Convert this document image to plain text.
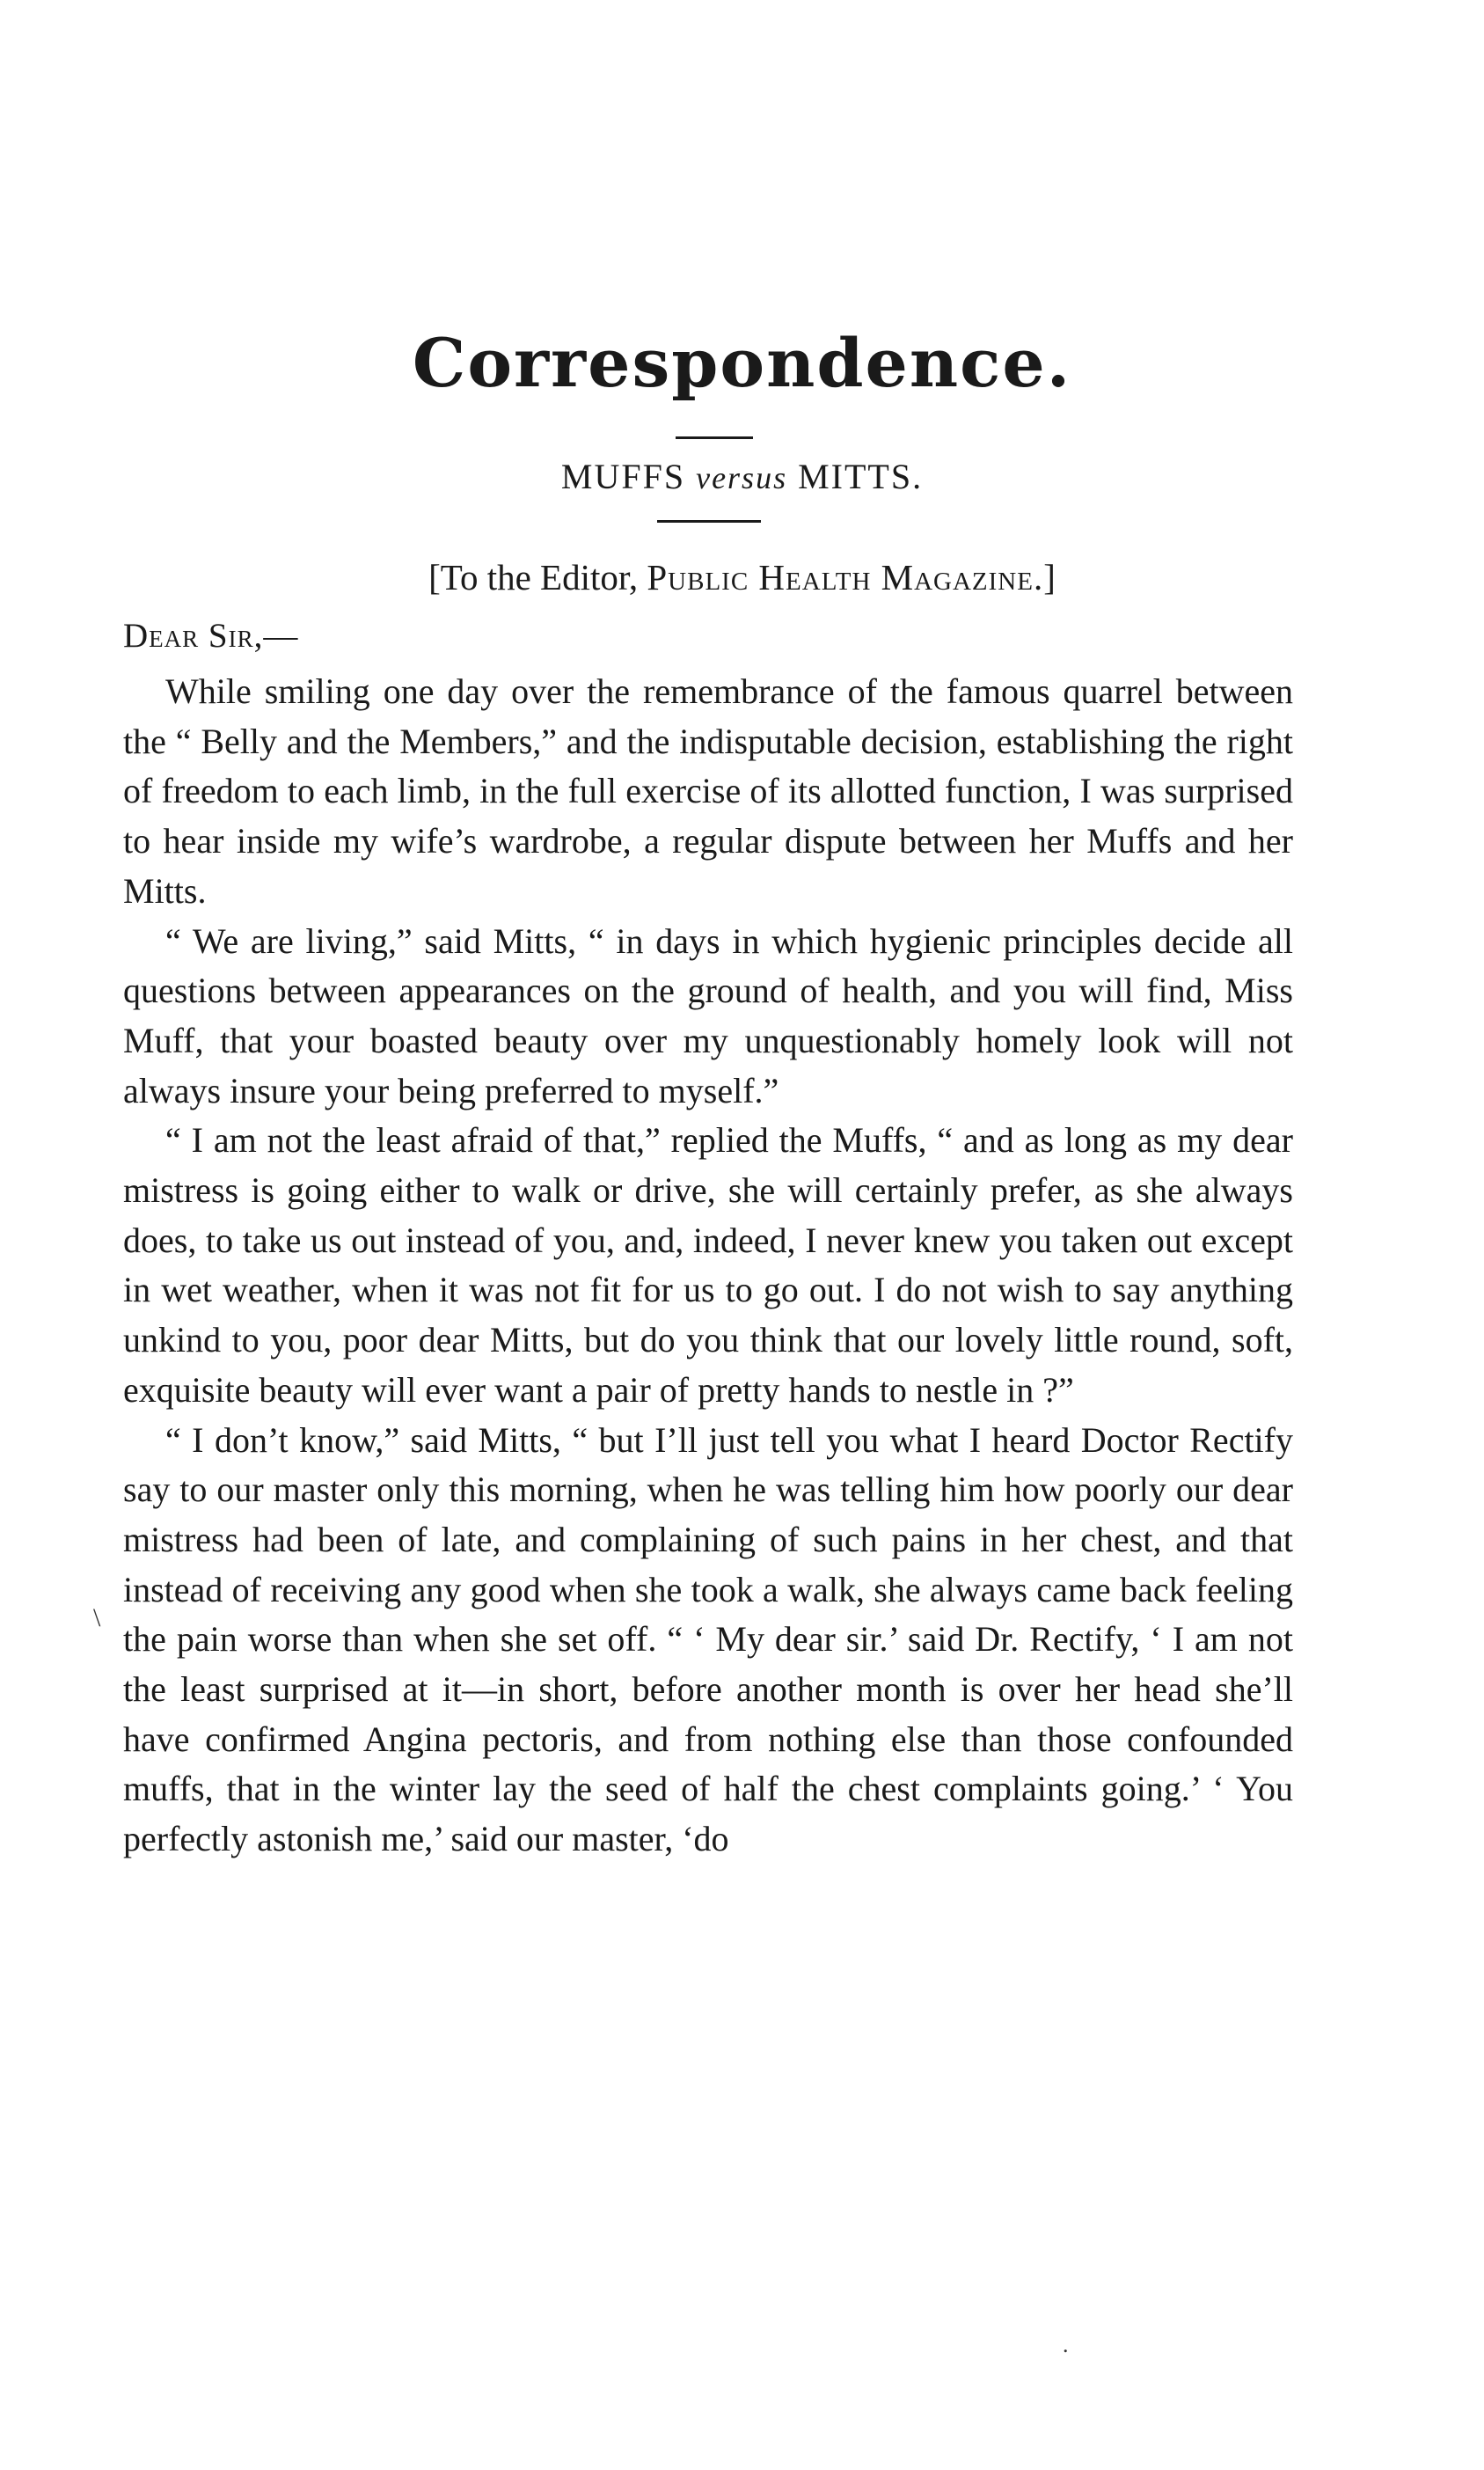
Correspondence.
MUFFS versus MITTS.
[To the Editor, Public Health Magazine.]
Dear Sir,—

While smiling one day over the remembrance of the famous quarrel between the “ Belly and the Members,” and the indisputable decision, establishing the right of freedom to each limb, in the full exercise of its allotted function, I was surprised to hear inside my wife’s wardrobe, a regular dispute between her Muffs and her Mitts.

“ We are living,” said Mitts, “ in days in which hygienic principles decide all questions between appearances on the ground of health, and you will find, Miss Muff, that your boasted beauty over my unquestionably homely look will not always insure your being preferred to myself.”

“ I am not the least afraid of that,” replied the Muffs, “ and as long as my dear mistress is going either to walk or drive, she will certainly prefer, as she always does, to take us out instead of you, and, indeed, I never knew you taken out except in wet weather, when it was not fit for us to go out. I do not wish to say anything unkind to you, poor dear Mitts, but do you think that our lovely little round, soft, exquisite beauty will ever want a pair of pretty hands to nestle in ?”

“ I don’t know,” said Mitts, “ but I’ll just tell you what I heard Doctor Rectify say to our master only this morning, when he was telling him how poorly our dear mistress had been of late, and complaining of such pains in her chest, and that instead of receiving any good when she took a walk, she always came back feeling the pain worse than when she set off. “ ‘ My dear sir.’ said Dr. Rectify, ‘ I am not the least surprised at it—in short, before another month is over her head she’ll have confirmed Angina pectoris, and from nothing else than those confounded muffs, that in the winter lay the seed of half the chest complaints going.’ ‘ You perfectly astonish me,’ said our master, ‘do

\
.
